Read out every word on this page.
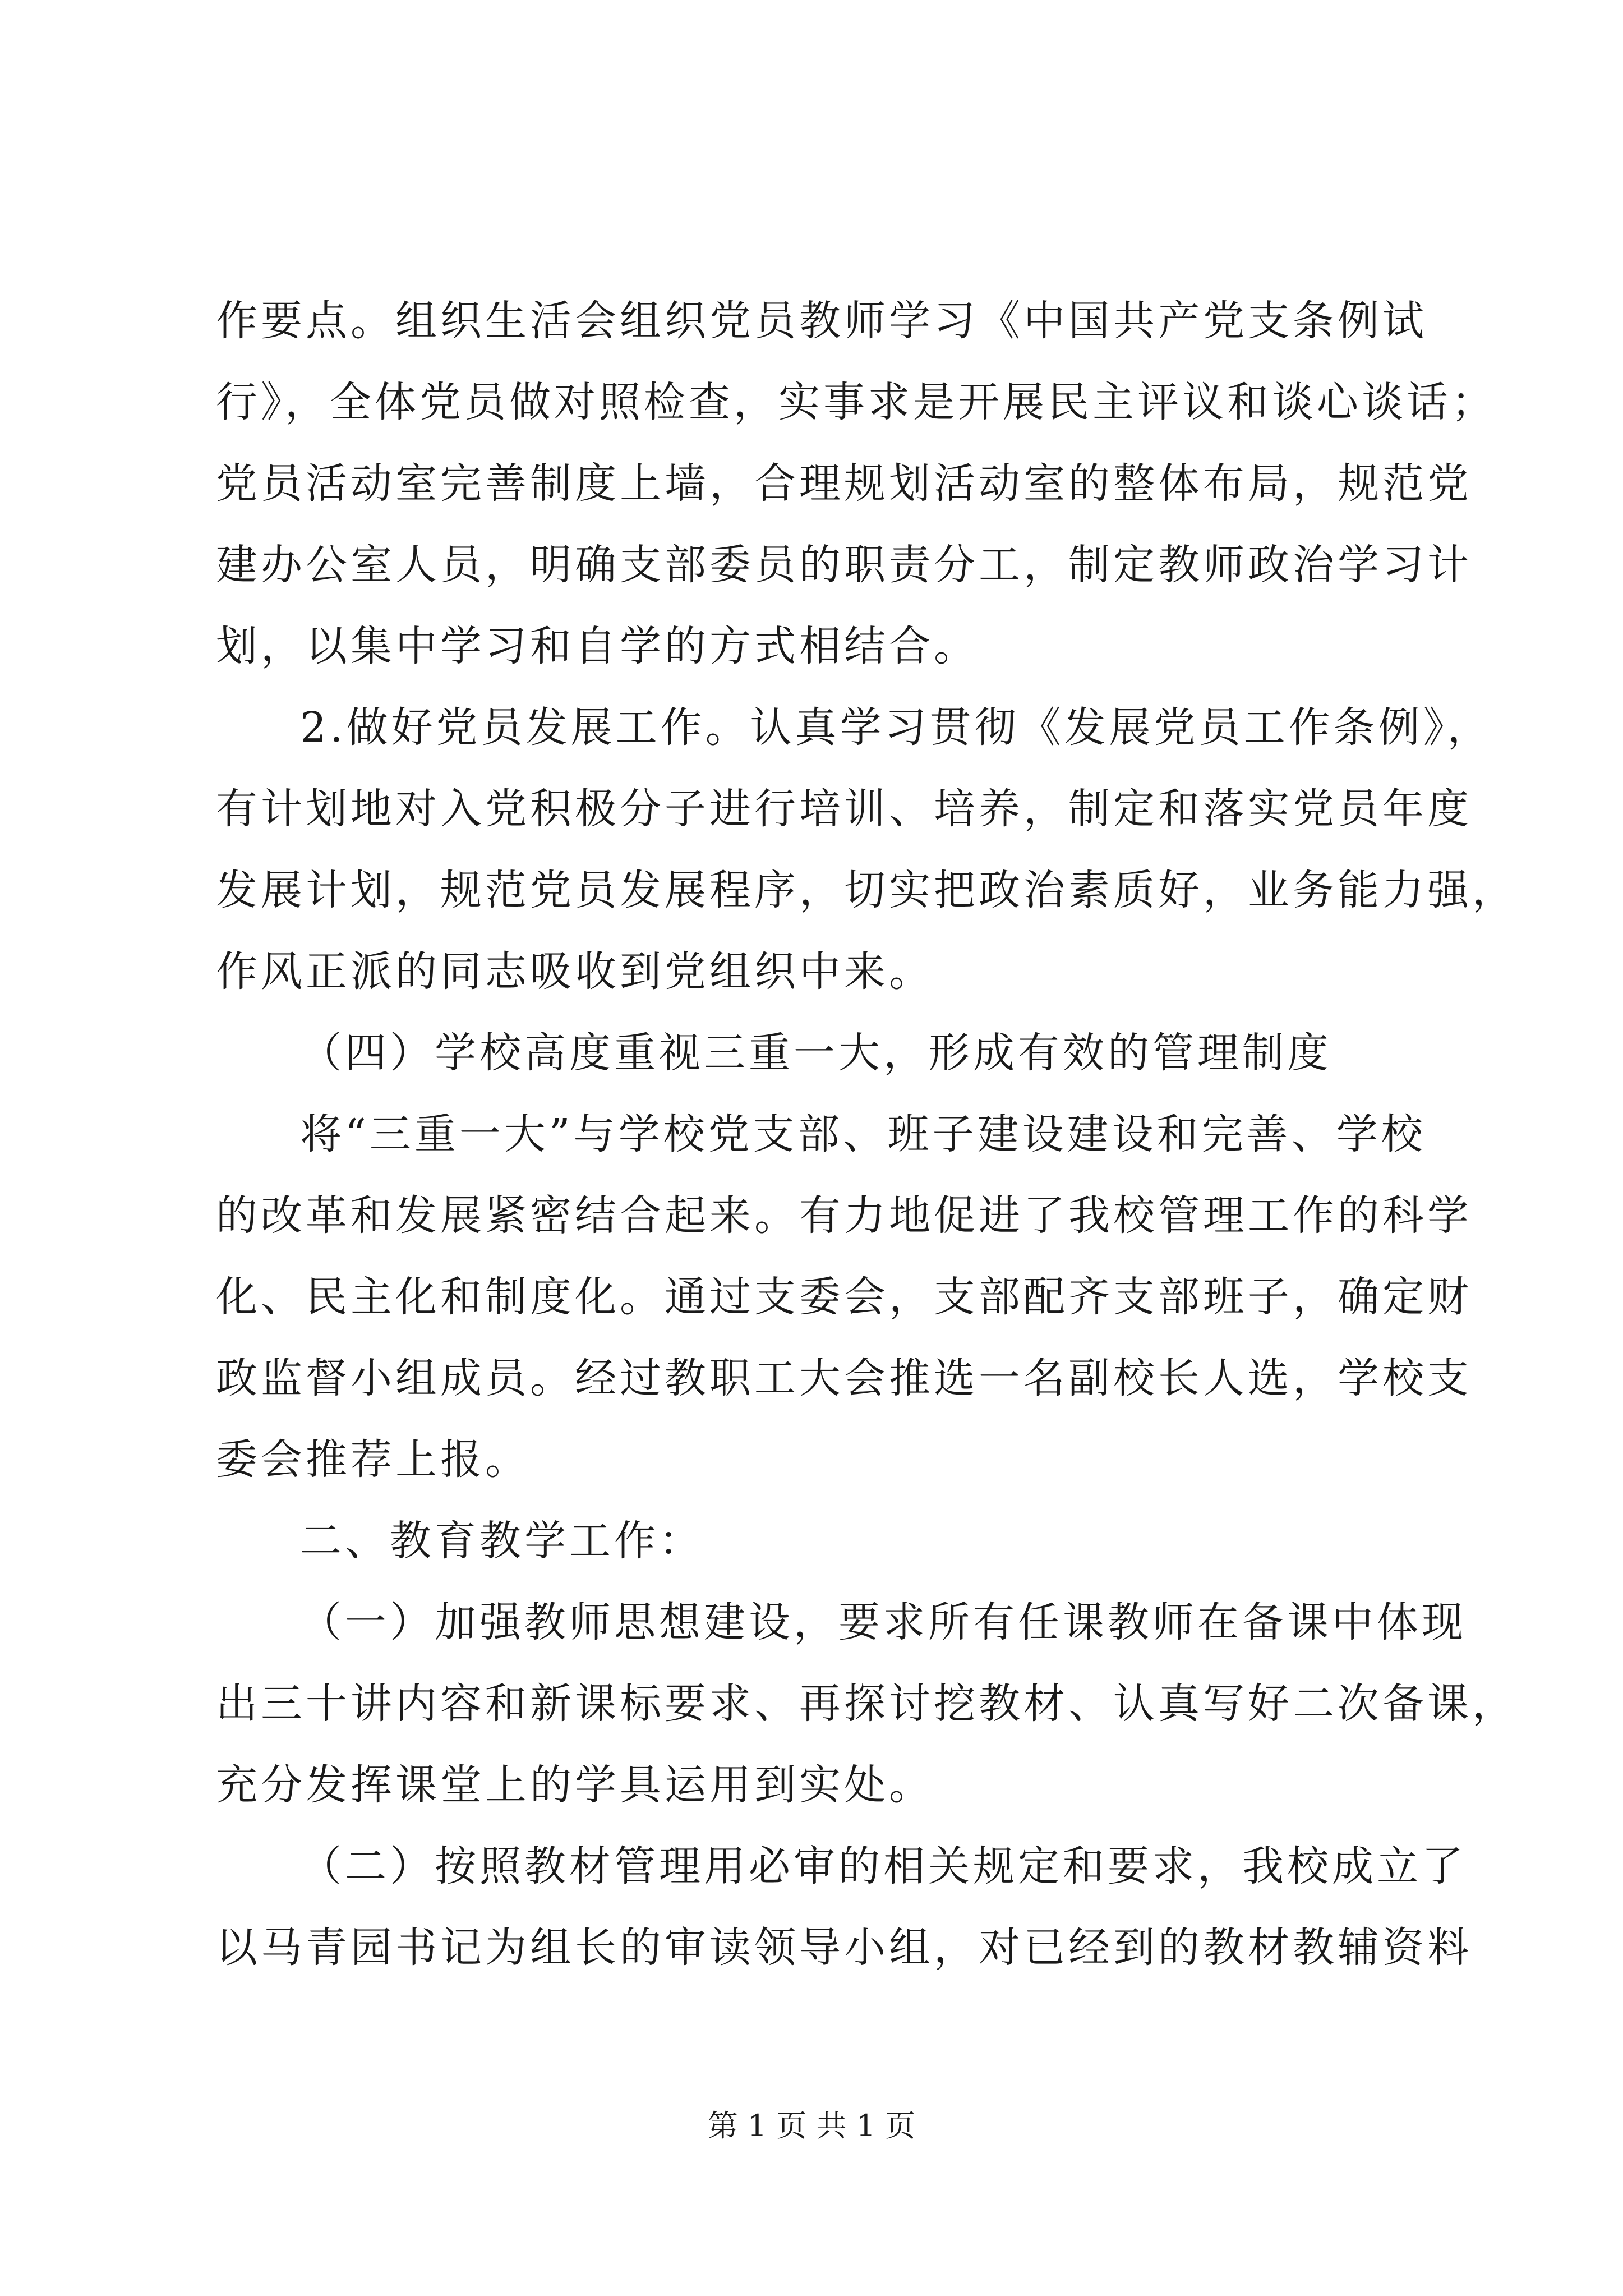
作要点。组织生活会组织党员教师学习《中国共产党支条例试
行》，全体党员做对照检查，实事求是开展民主评议和谈心谈话；
党员活动室完善制度上墙，合理规划活动室的整体布局，规范党
建办公室人员，明确支部委员的职责分工，制定教师政治学习计
划，以集中学习和自学的方式相结合。
2.做好党员发展工作。认真学习贯彻《发展党员工作条例》，
有计划地对入党积极分子进行培训、培养，制定和落实党员年度
发展计划，规范党员发展程序，切实把政治素质好，业务能力强，
作风正派的同志吸收到党组织中来。
（四）学校高度重视三重一大，形成有效的管理制度
将“三重一大”与学校党支部、班子建设建设和完善、学校
的改革和发展紧密结合起来。有力地促进了我校管理工作的科学
化、民主化和制度化。通过支委会，支部配齐支部班子，确定财
政监督小组成员。经过教职工大会推选一名副校长人选，学校支
委会推荐上报。
二、教育教学工作：
（一）加强教师思想建设，要求所有任课教师在备课中体现
出三十讲内容和新课标要求、再探讨挖教材、认真写好二次备课，
充分发挥课堂上的学具运用到实处。
（二）按照教材管理用必审的相关规定和要求，我校成立了
以马青园书记为组长的审读领导小组，对已经到的教材教辅资料
第 1 页 共 1 页
